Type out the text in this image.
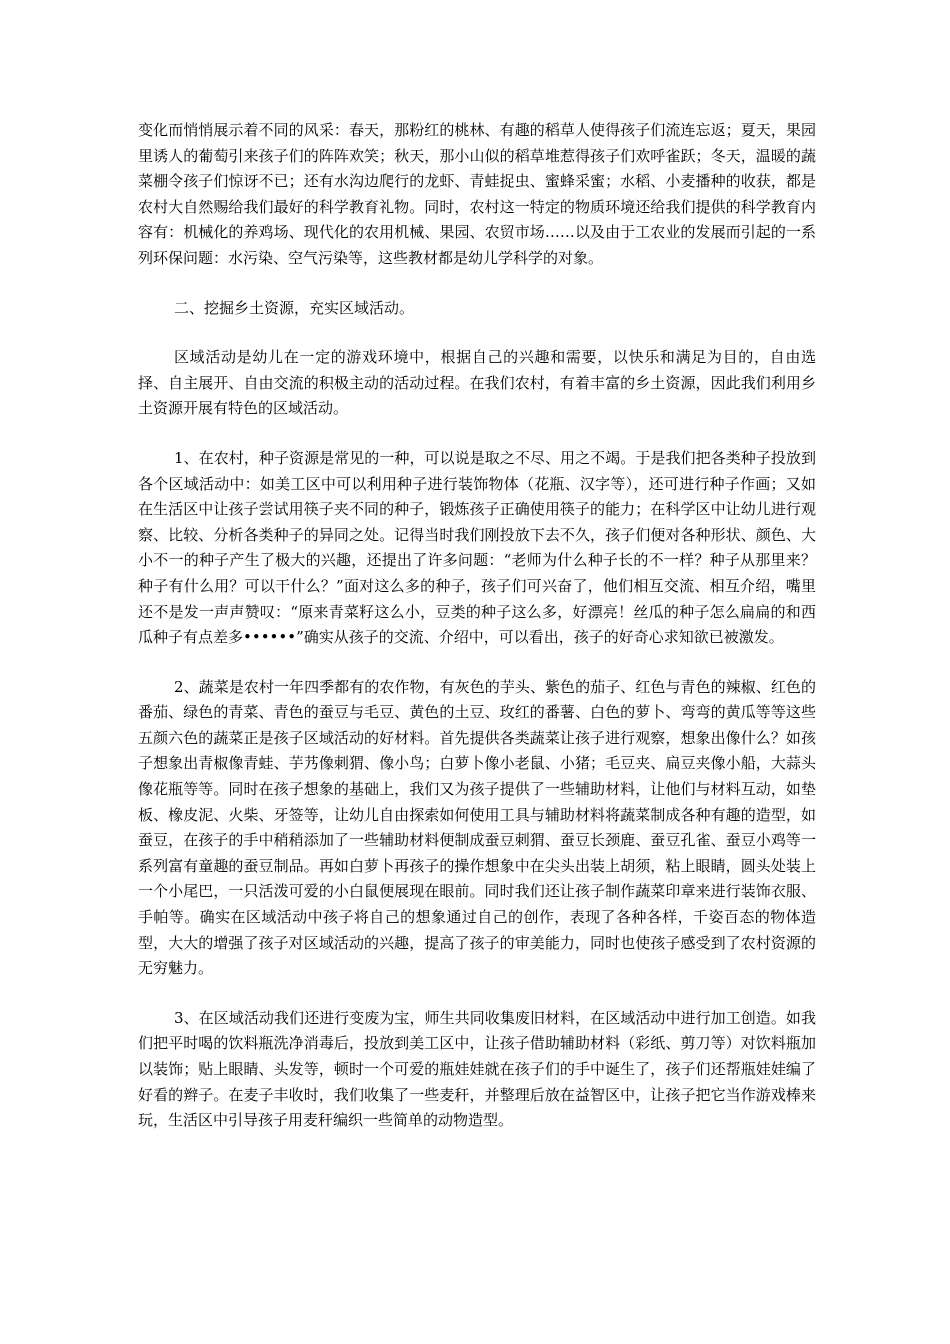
变化而悄悄展示着不同的风采：春天，那粉红的桃林、有趣的稻草人使得孩子们流连忘返；夏天，果园里诱人的葡萄引来孩子们的阵阵欢笑；秋天，那小山似的稻草堆惹得孩子们欢呼雀跃；冬天，温暖的蔬菜棚令孩子们惊讶不已；还有水沟边爬行的龙虾、青蛙捉虫、蜜蜂采蜜；水稻、小麦播种的收获，都是农村大自然赐给我们最好的科学教育礼物。同时，农村这一特定的物质环境还给我们提供的科学教育内容有：机械化的养鸡场、现代化的农用机械、果园、农贸市场……以及由于工农业的发展而引起的一系列环保问题：水污染、空气污染等，这些教材都是幼儿学科学的对象。

二、挖掘乡土资源，充实区域活动。

区域活动是幼儿在一定的游戏环境中，根据自己的兴趣和需要，以快乐和满足为目的，自由选择、自主展开、自由交流的积极主动的活动过程。在我们农村，有着丰富的乡土资源，因此我们利用乡土资源开展有特色的区域活动。

1、在农村，种子资源是常见的一种，可以说是取之不尽、用之不竭。于是我们把各类种子投放到各个区域活动中：如美工区中可以利用种子进行装饰物体（花瓶、汉字等），还可进行种子作画；又如在生活区中让孩子尝试用筷子夹不同的种子，锻炼孩子正确使用筷子的能力；在科学区中让幼儿进行观察、比较、分析各类种子的异同之处。记得当时我们刚投放下去不久，孩子们便对各种形状、颜色、大小不一的种子产生了极大的兴趣，还提出了许多问题：“老师为什么种子长的不一样？种子从那里来？种子有什么用？可以干什么？”面对这么多的种子，孩子们可兴奋了，他们相互交流、相互介绍，嘴里还不是发一声声赞叹：“原来青菜籽这么小，豆类的种子这么多，好漂亮！丝瓜的种子怎么扁扁的和西瓜种子有点差多••••••”确实从孩子的交流、介绍中，可以看出，孩子的好奇心求知欲已被激发。

2、蔬菜是农村一年四季都有的农作物，有灰色的芋头、紫色的茄子、红色与青色的辣椒、红色的番茄、绿色的青菜、青色的蚕豆与毛豆、黄色的土豆、玫红的番薯、白色的萝卜、弯弯的黄瓜等等这些五颜六色的蔬菜正是孩子区域活动的好材料。首先提供各类蔬菜让孩子进行观察，想象出像什么？如孩子想象出青椒像青蛙、芋艿像刺猬、像小鸟；白萝卜像小老鼠、小猪；毛豆夹、扁豆夹像小船，大蒜头像花瓶等等。同时在孩子想象的基础上，我们又为孩子提供了一些辅助材料，让他们与材料互动，如垫板、橡皮泥、火柴、牙签等，让幼儿自由探索如何使用工具与辅助材料将蔬菜制成各种有趣的造型，如蚕豆，在孩子的手中稍稍添加了一些辅助材料便制成蚕豆刺猬、蚕豆长颈鹿、蚕豆孔雀、蚕豆小鸡等一系列富有童趣的蚕豆制品。再如白萝卜再孩子的操作想象中在尖头出装上胡须，粘上眼睛，圆头处装上一个小尾巴，一只活泼可爱的小白鼠便展现在眼前。同时我们还让孩子制作蔬菜印章来进行装饰衣服、手帕等。确实在区域活动中孩子将自己的想象通过自己的创作，表现了各种各样，千姿百态的物体造型，大大的增强了孩子对区域活动的兴趣，提高了孩子的审美能力，同时也使孩子感受到了农村资源的无穷魅力。

3、在区域活动我们还进行变废为宝，师生共同收集废旧材料，在区域活动中进行加工创造。如我们把平时喝的饮料瓶洗净消毒后，投放到美工区中，让孩子借助辅助材料（彩纸、剪刀等）对饮料瓶加以装饰；贴上眼睛、头发等，顿时一个可爱的瓶娃娃就在孩子们的手中诞生了，孩子们还帮瓶娃娃编了好看的辫子。在麦子丰收时，我们收集了一些麦秆，并整理后放在益智区中，让孩子把它当作游戏棒来玩，生活区中引导孩子用麦秆编织一些简单的动物造型。
